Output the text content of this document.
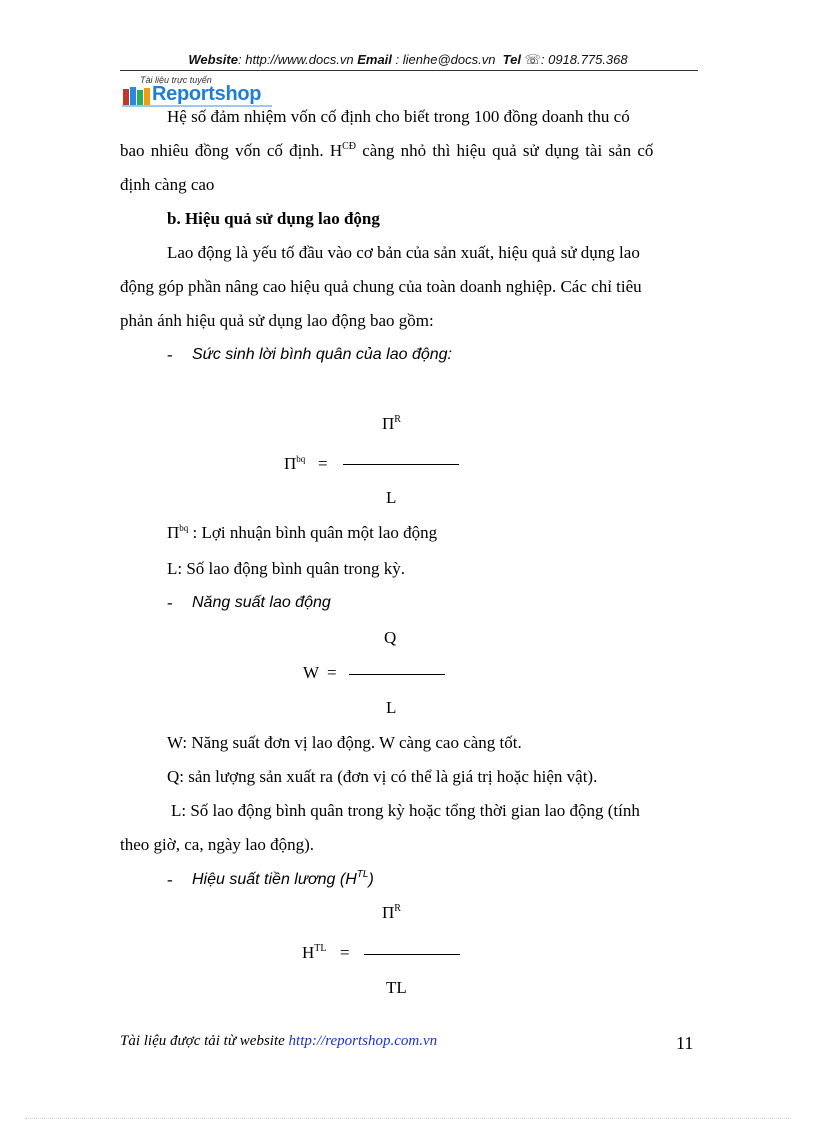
Website: http://www.docs.vn Email : lienhe@docs.vn Tel ☏: 0918.775.368
Tài liệu trực tuyến
Reportshop
Hệ số đảm nhiệm vốn cố định cho biết trong 100 đồng doanh thu có
bao nhiêu đồng vốn cố định. $H^{CĐ}$ càng nhỏ thì hiệu quả sử dụng tài sản cố
định càng cao
b. Hiệu quả sử dụng lao động
Lao động là yếu tố đầu vào cơ bản của sản xuất, hiệu quả sử dụng lao
động góp phần nâng cao hiệu quả chung của toàn doanh nghiệp. Các chỉ tiêu
phản ánh hiệu quả sử dụng lao động bao gồm:
- Sức sinh lời bình quân của lao động:
$\Pi^R$
$\Pi^{bq}$ =
L
$\Pi^{bq}$ : Lợi nhuận bình quân một lao động
L: Số lao động bình quân trong kỳ.
- Năng suất lao động
Q
W =
L
W: Năng suất đơn vị lao động. W càng cao càng tốt.
Q: sản lượng sản xuất ra (đơn vị có thể là giá trị hoặc hiện vật).
L: Số lao động bình quân trong kỳ hoặc tổng thời gian lao động (tính
theo giờ, ca, ngày lao động).
- Hiệu suất tiền lương $(H^{TL})$
$\Pi^R$
$H^{TL}$ =
TL
Tài liệu được tải từ website http://reportshop.com.vn	11
